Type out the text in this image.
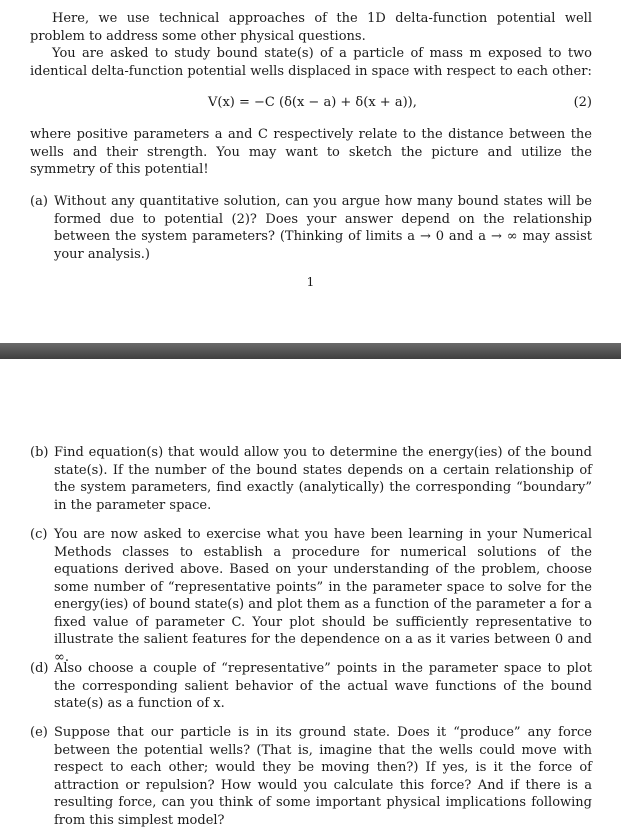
Here, we use technical approaches of the 1D delta-function potential well problem to address some other physical questions.

You are asked to study bound state(s) of a particle of mass m exposed to two identical delta-function potential wells displaced in space with respect to each other:

V(x) = −C (δ(x − a) + δ(x + a)),	(2)

where positive parameters a and C respectively relate to the distance between the wells and their strength. You may want to sketch the picture and utilize the symmetry of this potential!

(a) Without any quantitative solution, can you argue how many bound states will be formed due to potential (2)? Does your answer depend on the relationship between the system parameters? (Thinking of limits a → 0 and a → ∞ may assist your analysis.)
1
(b) Find equation(s) that would allow you to determine the energy(ies) of the bound state(s). If the number of the bound states depends on a certain relationship of the system parameters, find exactly (analytically) the corresponding “boundary” in the parameter space.
(c) You are now asked to exercise what you have been learning in your Numerical Methods classes to establish a procedure for numerical solutions of the equations derived above. Based on your understanding of the problem, choose some number of “representative points” in the parameter space to solve for the energy(ies) of bound state(s) and plot them as a function of the parameter a for a fixed value of parameter C. Your plot should be sufficiently representative to illustrate the salient features for the dependence on a as it varies between 0 and ∞.
(d) Also choose a couple of “representative” points in the parameter space to plot the corresponding salient behavior of the actual wave functions of the bound state(s) as a function of x.
(e) Suppose that our particle is in its ground state. Does it “produce” any force between the potential wells? (That is, imagine that the wells could move with respect to each other; would they be moving then?) If yes, is it the force of attraction or repulsion? How would you calculate this force? And if there is a resulting force, can you think of some important physical implications following from this simplest model?
